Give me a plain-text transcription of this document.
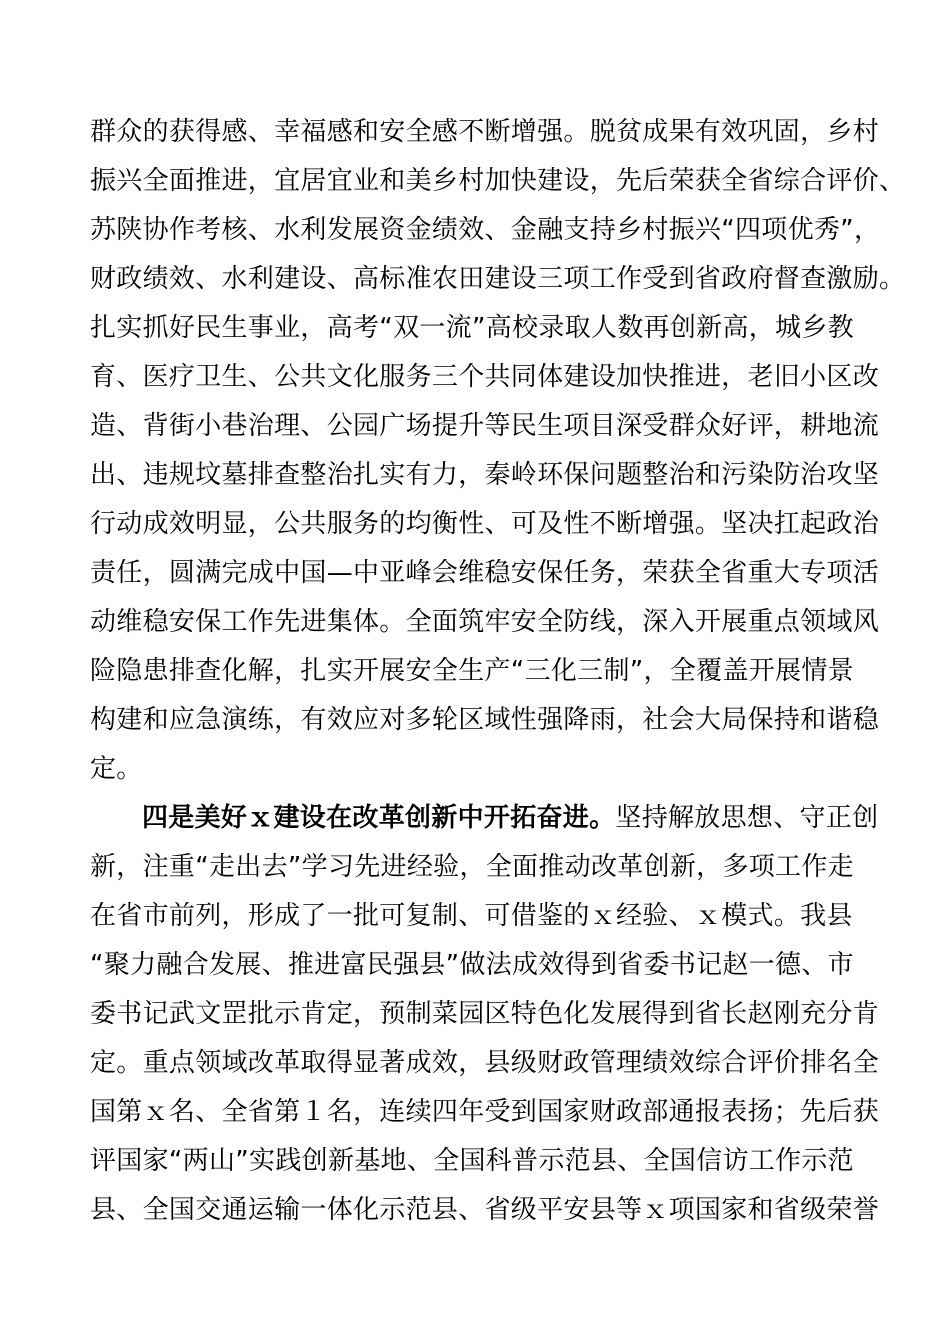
群众的获得感、幸福感和安全感不断增强。脱贫成果有效巩固，乡村
振兴全面推进，宜居宜业和美乡村加快建设，先后荣获全省综合评价、
苏陕协作考核、水利发展资金绩效、金融支持乡村振兴“四项优秀”，
财政绩效、水利建设、高标准农田建设三项工作受到省政府督查激励。
扎实抓好民生事业，高考“双一流”高校录取人数再创新高，城乡教
育、医疗卫生、公共文化服务三个共同体建设加快推进，老旧小区改
造、背街小巷治理、公园广场提升等民生项目深受群众好评，耕地流
出、违规坟墓排查整治扎实有力，秦岭环保问题整治和污染防治攻坚
行动成效明显，公共服务的均衡性、可及性不断增强。坚决扛起政治
责任，圆满完成中国—中亚峰会维稳安保任务，荣获全省重大专项活
动维稳安保工作先进集体。全面筑牢安全防线，深入开展重点领域风
险隐患排查化解，扎实开展安全生产“三化三制”，全覆盖开展情景
构建和应急演练，有效应对多轮区域性强降雨，社会大局保持和谐稳
定。
四是美好ｘ建设在改革创新中开拓奋进。坚持解放思想、守正创
新，注重“走出去”学习先进经验，全面推动改革创新，多项工作走
在省市前列，形成了一批可复制、可借鉴的ｘ经验、ｘ模式。我县
“聚力融合发展、推进富民强县”做法成效得到省委书记赵一德、市
委书记武文罡批示肯定，预制菜园区特色化发展得到省长赵刚充分肯
定。重点领域改革取得显著成效，县级财政管理绩效综合评价排名全
国第ｘ名、全省第１名，连续四年受到国家财政部通报表扬；先后获
评国家“两山”实践创新基地、全国科普示范县、全国信访工作示范
县、全国交通运输一体化示范县、省级平安县等ｘ项国家和省级荣誉
